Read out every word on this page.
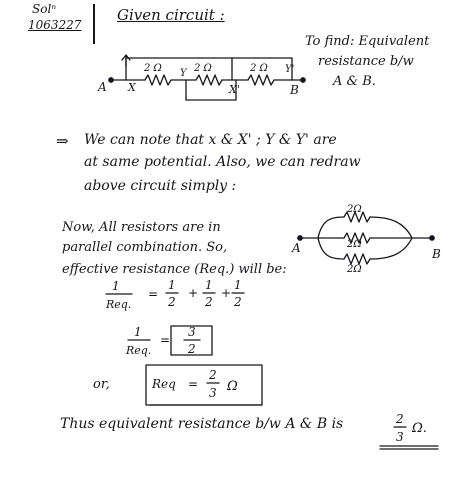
Solⁿ
1063227
Given circuit :
To find: Equivalent
resistance b/w
A & B.
A X	X'	B
Y	Y'
2 Ω	2 Ω	2 Ω
A	B
2Ω
2Ω
2Ω
⇒
1
Req.
=
1
2
+
1
2
+
1
2
1
Req.
=
3
2
or,	Req =
2
3 Ω
2
3
Ω.
We can note that x & X' ; Y & Y' are
at same potential. Also, we can redraw
above circuit simply :
Now, All resistors are in
parallel combination. So,
effective resistance (Req.) will be:
Thus equivalent resistance b/w A & B is
